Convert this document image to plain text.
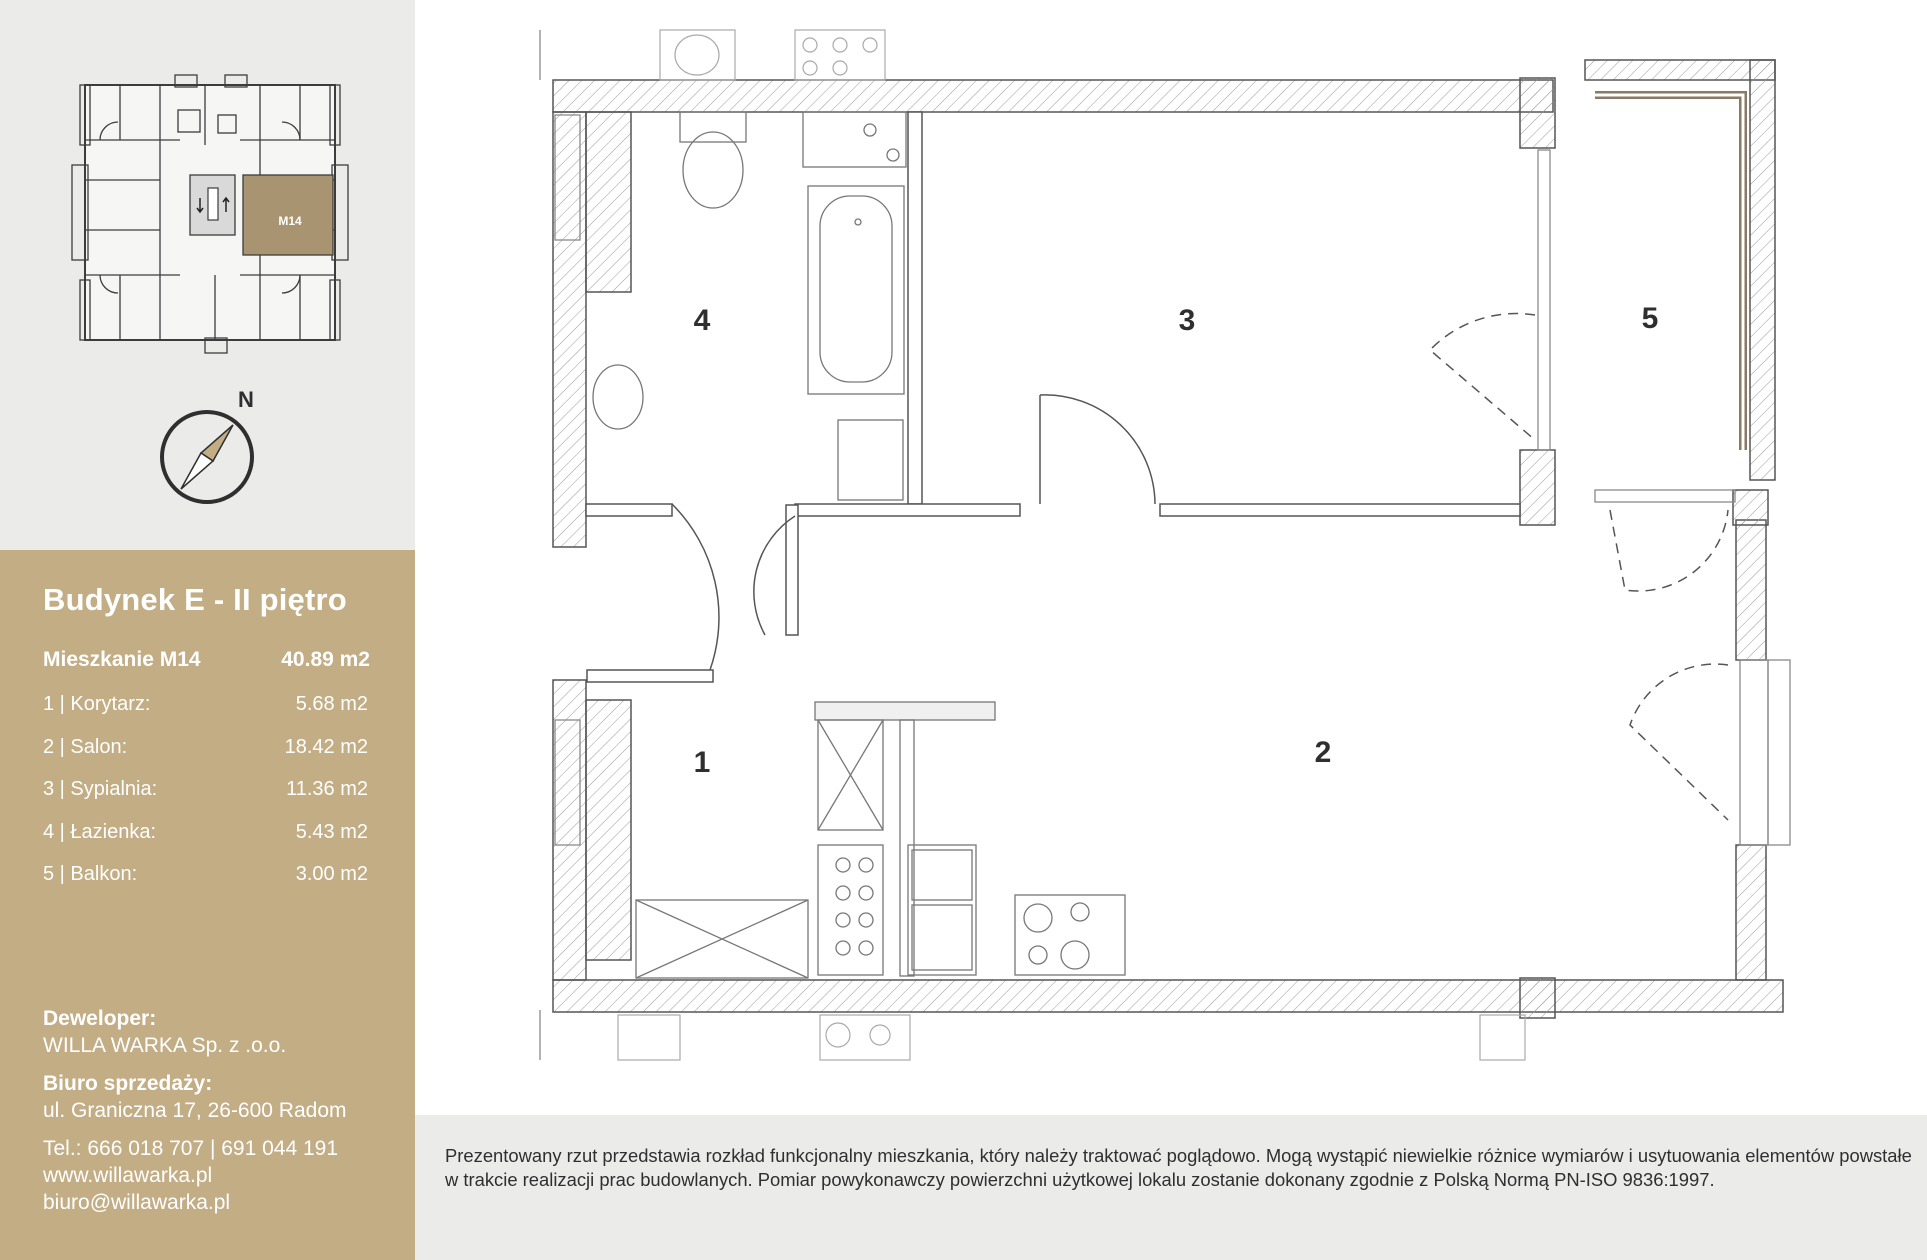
M14
N
Budynek E - II piętro
Mieszkanie M14	40.89 m2
1 | Korytarz:	5.68 m2
2 | Salon:	18.42 m2
3 | Sypialnia:	11.36 m2
4 | Łazienka:	5.43 m2
5 | Balkon:	3.00 m2
Deweloper:
WILLA WARKA Sp. z .o.o.
Biuro sprzedaży:
ul. Graniczna 17, 26-600 Radom
Tel.: 666 018 707 | 691 044 191
www.willawarka.pl
biuro@willawarka.pl
4	3	5
1	2

Prezentowany rzut przedstawia rozkład funkcjonalny mieszkania, który należy traktować poglądowo. Mogą wystąpić niewielkie różnice wymiarów i usytuowania elementów powstałe w trakcie realizacji prac budowlanych. Pomiar powykonawczy powierzchni użytkowej lokalu zostanie dokonany zgodnie z Polską Normą PN-ISO 9836:1997.
